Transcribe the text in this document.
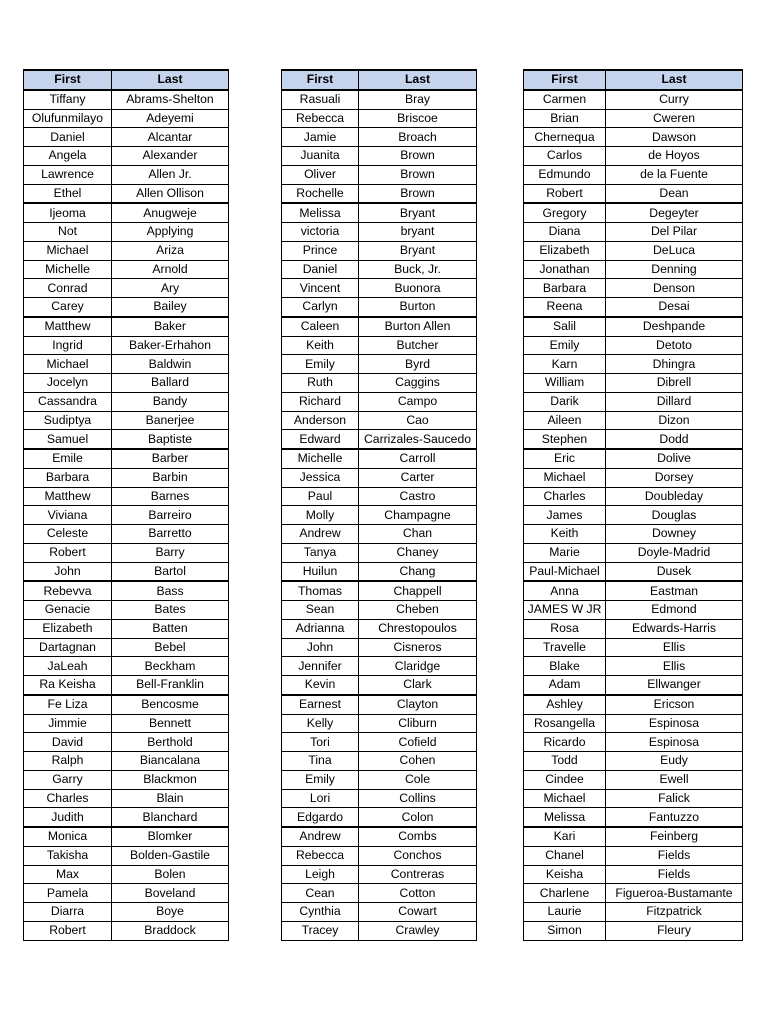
First	Last
Tiffany	Abrams-Shelton
Olufunmilayo	Adeyemi
Daniel	Alcantar
Angela	Alexander
Lawrence	Allen Jr.
Ethel	Allen Ollison
Ijeoma	Anugweje
Not	Applying
Michael	Ariza
Michelle	Arnold
Conrad	Ary
Carey	Bailey
Matthew	Baker
Ingrid	Baker-Erhahon
Michael	Baldwin
Jocelyn	Ballard
Cassandra	Bandy
Sudiptya	Banerjee
Samuel	Baptiste
Emile	Barber
Barbara	Barbin
Matthew	Barnes
Viviana	Barreiro
Celeste	Barretto
Robert	Barry
John	Bartol
Rebevva	Bass
Genacie	Bates
Elizabeth	Batten
Dartagnan	Bebel
JaLeah	Beckham
Ra Keisha	Bell-Franklin
Fe Liza	Bencosme
Jimmie	Bennett
David	Berthold
Ralph	Biancalana
Garry	Blackmon
Charles	Blain
Judith	Blanchard
Monica	Blomker
Takisha	Bolden-Gastile
Max	Bolen
Pamela	Boveland
Diarra	Boye
Robert	Braddock
First	Last
Rasuali	Bray
Rebecca	Briscoe
Jamie	Broach
Juanita	Brown
Oliver	Brown
Rochelle	Brown
Melissa	Bryant
victoria	bryant
Prince	Bryant
Daniel	Buck, Jr.
Vincent	Buonora
Carlyn	Burton
Caleen	Burton Allen
Keith	Butcher
Emily	Byrd
Ruth	Caggins
Richard	Campo
Anderson	Cao
Edward	Carrizales-Saucedo
Michelle	Carroll
Jessica	Carter
Paul	Castro
Molly	Champagne
Andrew	Chan
Tanya	Chaney
Huilun	Chang
Thomas	Chappell
Sean	Cheben
Adrianna	Chrestopoulos
John	Cisneros
Jennifer	Claridge
Kevin	Clark
Earnest	Clayton
Kelly	Cliburn
Tori	Cofield
Tina	Cohen
Emily	Cole
Lori	Collins
Edgardo	Colon
Andrew	Combs
Rebecca	Conchos
Leigh	Contreras
Cean	Cotton
Cynthia	Cowart
Tracey	Crawley
First	Last
Carmen	Curry
Brian	Cweren
Chernequa	Dawson
Carlos	de Hoyos
Edmundo	de la Fuente
Robert	Dean
Gregory	Degeyter
Diana	Del Pilar
Elizabeth	DeLuca
Jonathan	Denning
Barbara	Denson
Reena	Desai
Salil	Deshpande
Emily	Detoto
Karn	Dhingra
William	Dibrell
Darik	Dillard
Aileen	Dizon
Stephen	Dodd
Eric	Dolive
Michael	Dorsey
Charles	Doubleday
James	Douglas
Keith	Downey
Marie	Doyle-Madrid
Paul-Michael	Dusek
Anna	Eastman
JAMES W JR	Edmond
Rosa	Edwards-Harris
Travelle	Ellis
Blake	Ellis
Adam	Ellwanger
Ashley	Ericson
Rosangella	Espinosa
Ricardo	Espinosa
Todd	Eudy
Cindee	Ewell
Michael	Falick
Melissa	Fantuzzo
Kari	Feinberg
Chanel	Fields
Keisha	Fields
Charlene	Figueroa-Bustamante
Laurie	Fitzpatrick
Simon	Fleury
